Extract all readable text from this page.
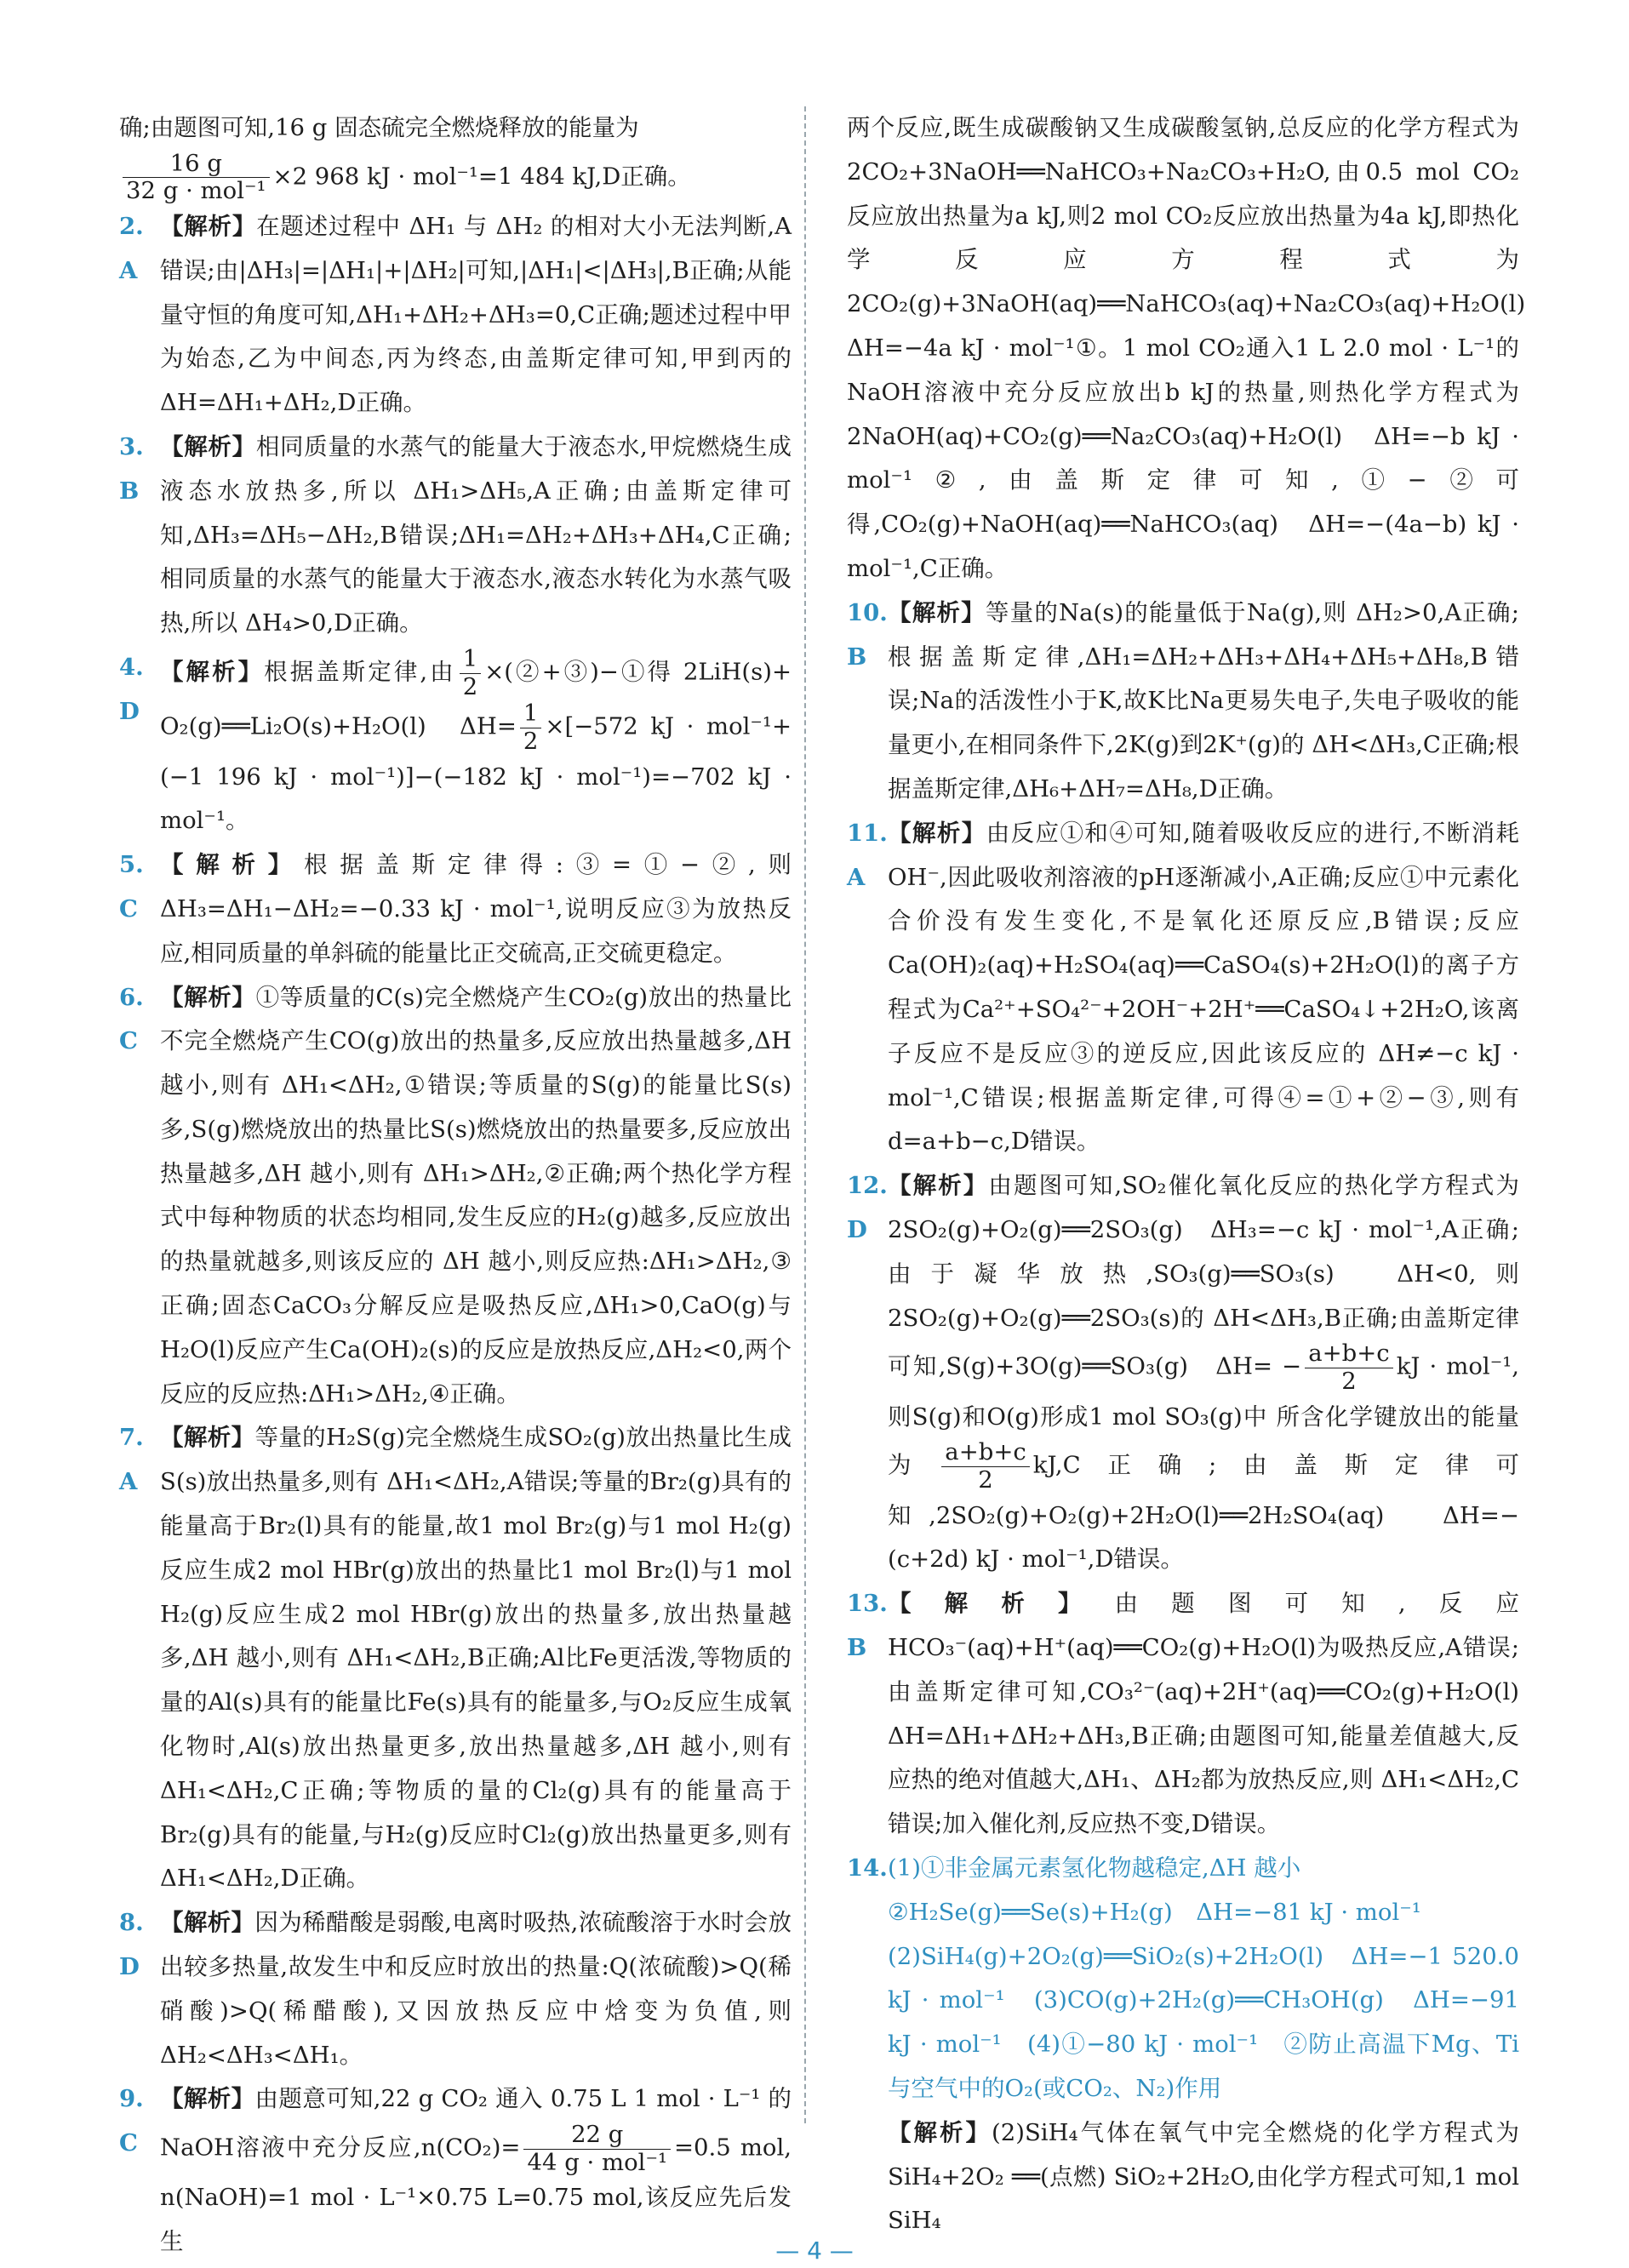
确;由题图可知,16 g 固态硫完全燃烧释放的能量为

$\frac{16 g}{\text{32 g · mol⁻¹}} \times 2$ 968 kJ · mol⁻¹=1 484 kJ,D正确。

2. A
【解析】在题述过程中 ΔH₁ 与 ΔH₂ 的相对大小无法判断,A错误;由|ΔH₃|=|ΔH₁|+|ΔH₂|可知,|ΔH₁|<|ΔH₃|,B正确;从能量守恒的角度可知,ΔH₁+ΔH₂+ΔH₃=0,C正确;题述过程中甲为始态,乙为中间态,丙为终态,由盖斯定律可知,甲到丙的 ΔH=ΔH₁+ΔH₂,D正确。
3. B
【解析】相同质量的水蒸气的能量大于液态水,甲烷燃烧生成液态水放热多,所以 ΔH₁>ΔH₅,A正确;由盖斯定律可知,ΔH₃=ΔH₅−ΔH₂,B错误;ΔH₁=ΔH₂+ΔH₃+ΔH₄,C正确;相同质量的水蒸气的能量大于液态水,液态水转化为水蒸气吸热,所以 ΔH₄>0,D正确。
4. D
【解析】根据盖斯定律,由 $\frac{1}{2}$ ×(②+③)−①得 2LiH(s)+ O₂(g)══Li₂O(s)+H₂O(l)　$\Delta H= \frac{1}{2} \times[-572$ kJ · mol⁻¹+ (−1 196 kJ · mol⁻¹)]−(−182 kJ · mol⁻¹)=−702 kJ · mol⁻¹。
5. C
【解析】根据盖斯定律得:③=①−②,则 ΔH₃=ΔH₁−ΔH₂=−0.33 kJ · mol⁻¹,说明反应③为放热反应,相同质量的单斜硫的能量比正交硫高,正交硫更稳定。
6. C
【解析】①等质量的C(s)完全燃烧产生CO₂(g)放出的热量比不完全燃烧产生CO(g)放出的热量多,反应放出热量越多,ΔH 越小,则有 ΔH₁<ΔH₂,①错误;等质量的S(g)的能量比S(s)多,S(g)燃烧放出的热量比S(s)燃烧放出的热量要多,反应放出热量越多,ΔH 越小,则有 ΔH₁>ΔH₂,②正确;两个热化学方程式中每种物质的状态均相同,发生反应的H₂(g)越多,反应放出的热量就越多,则该反应的 ΔH 越小,则反应热:ΔH₁>ΔH₂,③正确;固态CaCO₃分解反应是吸热反应,ΔH₁>0,CaO(g)与H₂O(l)反应产生Ca(OH)₂(s)的反应是放热反应,ΔH₂<0,两个反应的反应热:ΔH₁>ΔH₂,④正确。
7. A
【解析】等量的H₂S(g)完全燃烧生成SO₂(g)放出热量比生成S(s)放出热量多,则有 ΔH₁<ΔH₂,A错误;等量的Br₂(g)具有的能量高于Br₂(l)具有的能量,故1 mol Br₂(g)与1 mol H₂(g)反应生成2 mol HBr(g)放出的热量比1 mol Br₂(l)与1 mol H₂(g)反应生成2 mol HBr(g)放出的热量多,放出热量越多,ΔH 越小,则有 ΔH₁<ΔH₂,B正确;Al比Fe更活泼,等物质的量的Al(s)具有的能量比Fe(s)具有的能量多,与O₂反应生成氧化物时,Al(s)放出热量更多,放出热量越多,ΔH 越小,则有 ΔH₁<ΔH₂,C正确;等物质的量的Cl₂(g)具有的能量高于Br₂(g)具有的能量,与H₂(g)反应时Cl₂(g)放出热量更多,则有 ΔH₁<ΔH₂,D正确。
8. D
【解析】因为稀醋酸是弱酸,电离时吸热,浓硫酸溶于水时会放出较多热量,故发生中和反应时放出的热量:Q(浓硫酸)>Q(稀硝酸)>Q(稀醋酸),又因放热反应中焓变为负值,则 ΔH₂<ΔH₃<ΔH₁。
9. C
【解析】由题意可知,22 g CO₂ 通入 0.75 L 1 mol · L⁻¹ 的NaOH溶液中充分反应$,n(CO_2)= \frac{22 g}{\text{44 g · mol⁻¹}} =0.5$ mol, n(NaOH)=1 mol · L⁻¹×0.75 L=0.75 mol,该反应先后发生

两个反应,既生成碳酸钠又生成碳酸氢钠,总反应的化学方程式为2CO₂+3NaOH══NaHCO₃+Na₂CO₃+H₂O,由0.5 mol CO₂反应放出热量为a kJ,则2 mol CO₂反应放出热量为4a kJ,即热化学反应方程式为2CO₂(g)+3NaOH(aq)══NaHCO₃(aq)+Na₂CO₃(aq)+H₂O(l)　ΔH=−4a kJ · mol⁻¹①。1 mol CO₂通入1 L 2.0 mol · L⁻¹的NaOH溶液中充分反应放出b kJ的热量,则热化学方程式为2NaOH(aq)+CO₂(g)══Na₂CO₃(aq)+H₂O(l)　ΔH=−b kJ · mol⁻¹②,由盖斯定律可知,①−②可得,CO₂(g)+NaOH(aq)══NaHCO₃(aq)　ΔH=−(4a−b) kJ · mol⁻¹,C正确。

10. B
【解析】等量的Na(s)的能量低于Na(g),则 ΔH₂>0,A正确;根据盖斯定律,ΔH₁=ΔH₂+ΔH₃+ΔH₄+ΔH₅+ΔH₈,B错误;Na的活泼性小于K,故K比Na更易失电子,失电子吸收的能量更小,在相同条件下,2K(g)到2K⁺(g)的 ΔH<ΔH₃,C正确;根据盖斯定律,ΔH₆+ΔH₇=ΔH₈,D正确。
11. A
【解析】由反应①和④可知,随着吸收反应的进行,不断消耗OH⁻,因此吸收剂溶液的pH逐渐减小,A正确;反应①中元素化合价没有发生变化,不是氧化还原反应,B错误;反应Ca(OH)₂(aq)+H₂SO₄(aq)══CaSO₄(s)+2H₂O(l)的离子方程式为Ca²⁺+SO₄²⁻+2OH⁻+2H⁺══CaSO₄↓+2H₂O,该离子反应不是反应③的逆反应,因此该反应的 ΔH≠−c kJ · mol⁻¹,C错误;根据盖斯定律,可得④=①+②−③,则有 d=a+b−c,D错误。
12. D
【解析】由题图可知,SO₂催化氧化反应的热化学方程式为2SO₂(g)+O₂(g)══2SO₃(g)　ΔH₃=−c kJ · mol⁻¹,A正确;由于凝华放热,SO₃(g)══SO₃(s)　ΔH<0,则2SO₂(g)+O₂(g)══2SO₃(s)的 ΔH<ΔH₃,B正确;由盖斯定律可知,S(g)+3O(g)══SO₃(g)　$\Delta H= - \frac{a+b+c}{2}$ kJ · mol⁻¹,则S(g)和O(g)形成1 mol SO₃(g)中 所含化学键放出的能量为 $\frac{a+b+c}{2} kJ,C$正确;由盖斯定律可知,2SO₂(g)+O₂(g)+2H₂O(l)══2H₂SO₄(aq)　ΔH=−(c+2d) kJ · mol⁻¹,D错误。
13. B
【解析】由题图可知,反应HCO₃⁻(aq)+H⁺(aq)══CO₂(g)+H₂O(l)为吸热反应,A错误;由盖斯定律可知,CO₃²⁻(aq)+2H⁺(aq)══CO₂(g)+H₂O(l)　ΔH=ΔH₁+ΔH₂+ΔH₃,B正确;由题图可知,能量差值越大,反应热的绝对值越大,ΔH₁、ΔH₂都为放热反应,则 ΔH₁<ΔH₂,C错误;加入催化剂,反应热不变,D错误。
14. (1)①非金属元素氢化物越稳定,ΔH 越小
②H₂Se(g)══Se(s)+H₂(g)　ΔH=−81 kJ · mol⁻¹
(2)SiH₄(g)+2O₂(g)══SiO₂(s)+2H₂O(l)　ΔH=−1 520.0 kJ · mol⁻¹　(3)CO(g)+2H₂(g)══CH₃OH(g)　ΔH=−91 kJ · mol⁻¹　(4)①−80 kJ · mol⁻¹　②防止高温下Mg、Ti与空气中的O₂(或CO₂、N₂)作用
【解析】(2)SiH₄气体在氧气中完全燃烧的化学方程式为 SiH₄+2O₂ ══(点燃) SiO₂+2H₂O,由化学方程式可知,1 mol SiH₄
— 4 —
